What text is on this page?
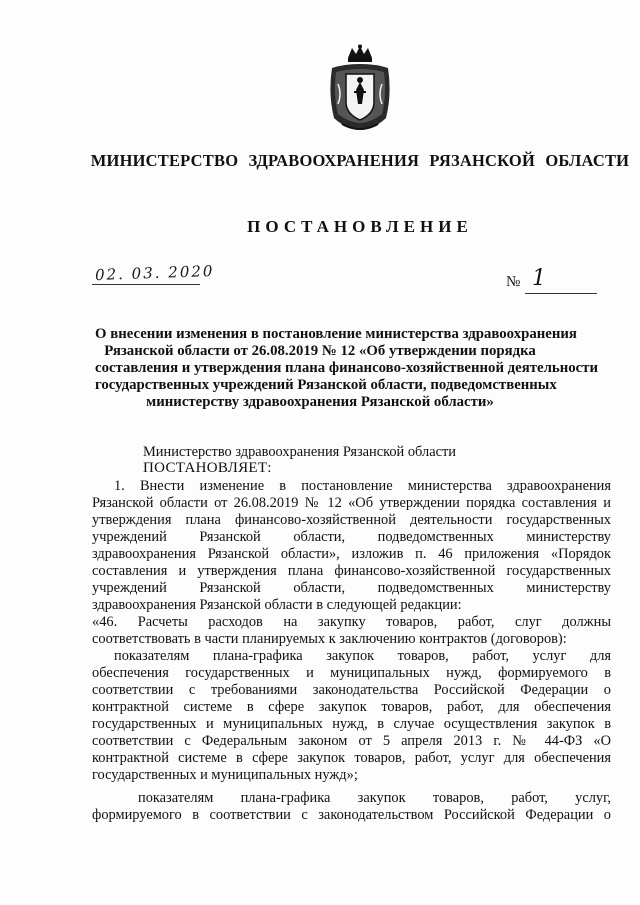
МИНИСТЕРСТВО ЗДРАВООХРАНЕНИЯ РЯЗАНСКОЙ ОБЛАСТИ
ПОСТАНОВЛЕНИЕ
02. 03. 2020	№ 1
О внесении изменения в постановление министерства здравоохранения
Рязанской области от 26.08.2019 № 12 «Об утверждении порядка
составления и утверждения плана финансово-хозяйственной деятельности
государственных учреждений Рязанской области, подведомственных
министерству здравоохранения Рязанской области»
Министерство здравоохранения Рязанской области
ПОСТАНОВЛЯЕТ:
1. Внести изменение в постановление министерства здравоохранения
Рязанской области от 26.08.2019 № 12 «Об утверждении порядка составления и
утверждения плана финансово-хозяйственной деятельности государственных
учреждений Рязанской области, подведомственных министерству
здравоохранения Рязанской области», изложив п. 46 приложения «Порядок
составления и утверждения плана финансово-хозяйственной государственных
учреждений Рязанской области, подведомственных министерству
здравоохранения Рязанской области в следующей редакции:
«46. Расчеты расходов на закупку товаров, работ, слуг должны
соответствовать в части планируемых к заключению контрактов (договоров):
показателям плана-графика закупок товаров, работ, услуг для
обеспечения государственных и муниципальных нужд, формируемого в
соответствии с требованиями законодательства Российской Федерации о
контрактной системе в сфере закупок товаров, работ, для обеспечения
государственных и муниципальных нужд, в случае осуществления закупок в
соответствии с Федеральным законом от 5 апреля 2013 г. № 44-ФЗ «О
контрактной системе в сфере закупок товаров, работ, услуг для обеспечения
государственных и муниципальных нужд»;
показателям плана-графика закупок товаров, работ, услуг,
формируемого в соответствии с законодательством Российской Федерации о
